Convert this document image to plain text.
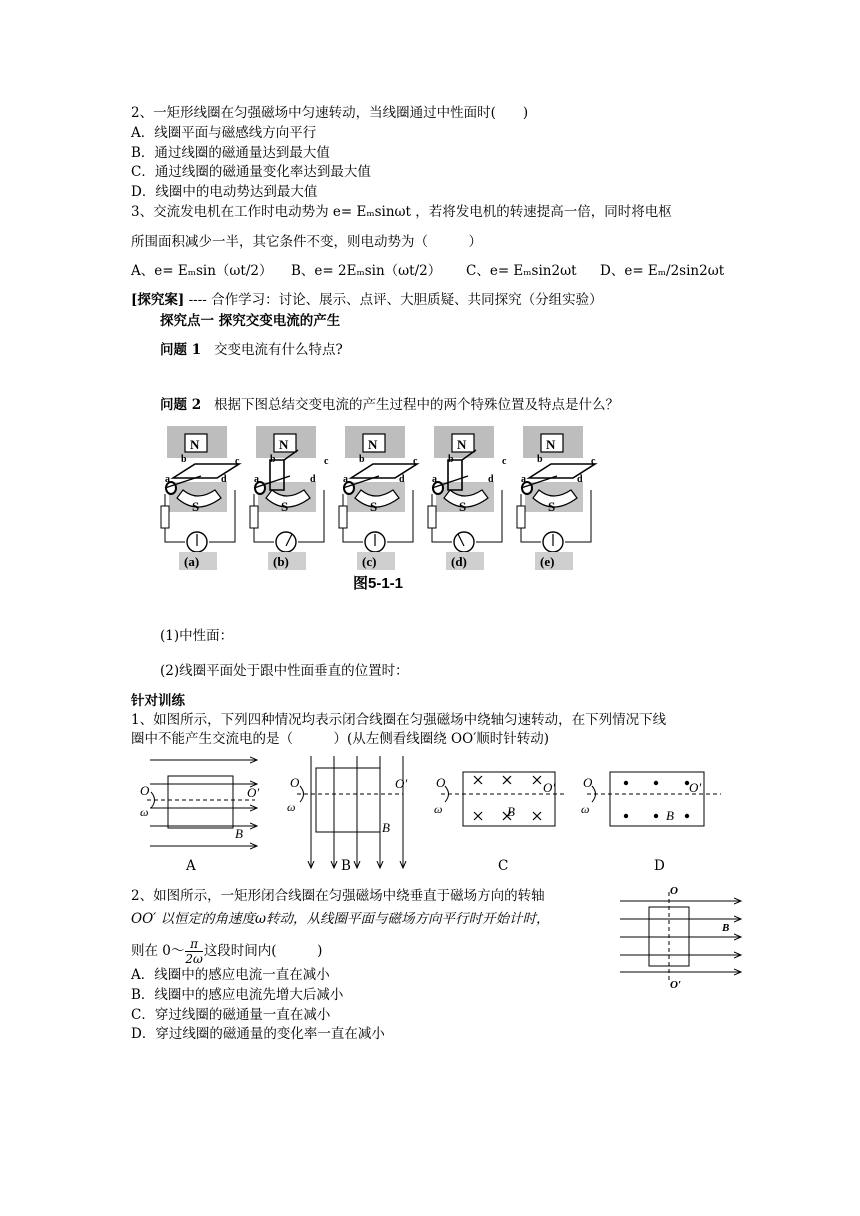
2、一矩形线圈在匀强磁场中匀速转动，当线圈通过中性面时(　　)
A．线圈平面与磁感线方向平行
B．通过线圈的磁通量达到最大值
C．通过线圈的磁通量变化率达到最大值
D．线圈中的电动势达到最大值
3、交流发电机在工作时电动势为 e= Eₘsinωt ，若将发电机的转速提高一倍，同时将电枢
所围面积减少一半，其它条件不变，则电动势为（　　　）
A、e= Eₘsin（ωt/2） B、e= 2Eₘsin（ωt/2） C、e= Eₘsin2ωt D、e= Eₘ/2sin2ωt
[探究案] ---- 合作学习：讨论、展示、点评、大胆质疑、共同探究（分组实验）
探究点一 探究交变电流的产生
问题 1 交变电流有什么特点?
问题 2 根据下图总结交变电流的产生过程中的两个特殊位置及特点是什么？
N
S
b	c
a	d
(a)
N
S
b	c
a	d
(b)
N
S
b	c
a	d
(c)
N
S
b	c
a	d
(d)
N
S
b	c
a	d
(e)
图5-1-1
(1)中性面：
(2)线圈平面处于跟中性面垂直的位置时：
针对训练
1、如图所示，下列四种情况均表示闭合线圈在匀强磁场中绕轴匀速转动，在下列情况下线
圈中不能产生交流电的是（　　　）(从左侧看线圈绕 OO′顺时针转动)
O	O′
ω
B
O	O′
ω
B
O	O′
ω	B
O	O′
ω	B
A	B	C	D
2、如图所示，一矩形闭合线圈在匀强磁场中绕垂直于磁场方向的转轴
OO′ 以恒定的角速度ω转动，从线圈平面与磁场方向平行时开始计时，
则在 0～ $\frac{\pi}{2\omega}$ 这段时间内(　　　)
A．线圈中的感应电流一直在减小
B．线圈中的感应电流先增大后减小
C．穿过线圈的磁通量一直在减小
D．穿过线圈的磁通量的变化率一直在减小
O
O′
B
